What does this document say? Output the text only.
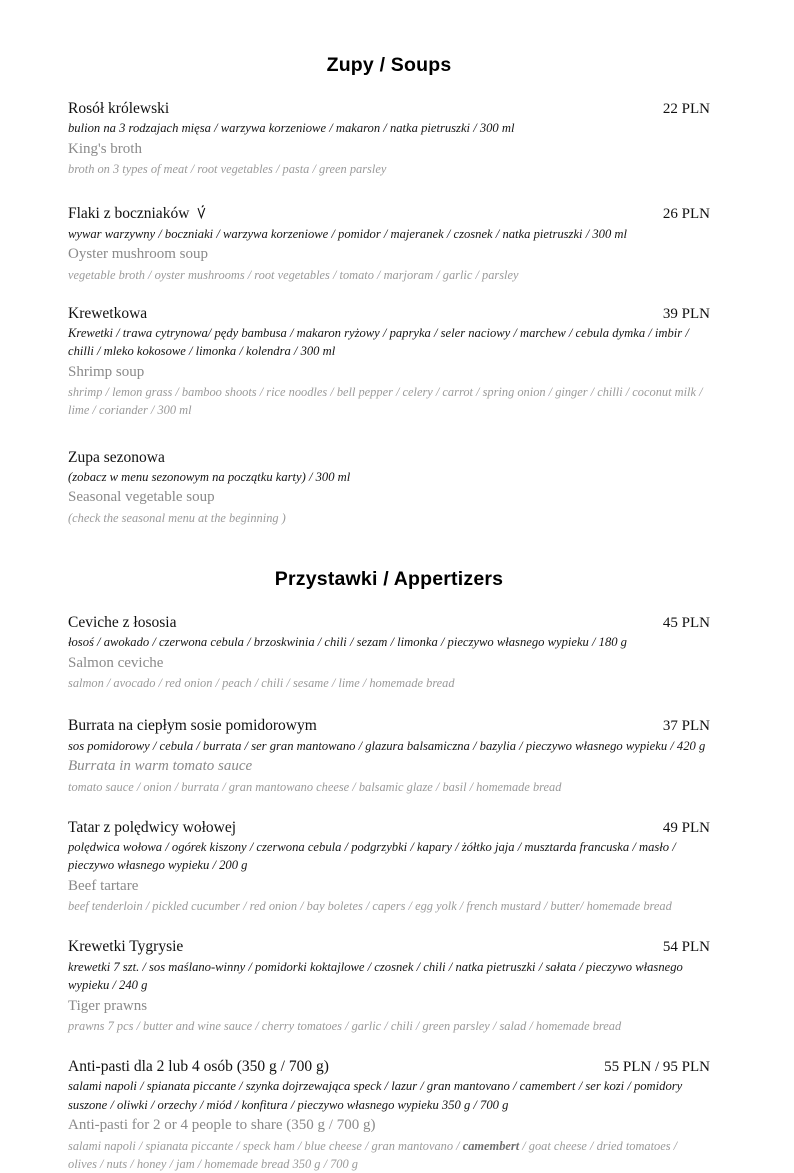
Zupy / Soups
Rosół królewski	22 PLN
bulion na 3 rodzajach mięsa / warzywa korzeniowe / makaron / natka pietruszki / 300 ml
King's broth
broth on 3 types of meat / root vegetables / pasta / green parsley
Flaki z boczniaków	26 PLN
wywar warzywny / boczniaki / warzywa korzeniowe / pomidor / majeranek / czosnek / natka pietruszki / 300 ml
Oyster mushroom soup
vegetable broth / oyster mushrooms / root vegetables / tomato / marjoram / garlic / parsley
Krewetkowa	39 PLN
Krewetki / trawa cytrynowa/ pędy bambusa / makaron ryżowy / papryka / seler naciowy / marchew / cebula dymka / imbir / chilli / mleko kokosowe / limonka / kolendra / 300 ml
Shrimp soup
shrimp / lemon grass / bamboo shoots / rice noodles / bell pepper / celery / carrot / spring onion / ginger / chilli / coconut milk / lime / coriander / 300 ml
Zupa sezonowa
(zobacz w menu sezonowym na początku karty) / 300 ml
Seasonal vegetable soup
(check the seasonal menu at the beginning )
Przystawki / Appertizers
Ceviche z łososia	45 PLN
łosoś / awokado / czerwona cebula / brzoskwinia / chili / sezam / limonka / pieczywo własnego wypieku / 180 g
Salmon ceviche
salmon / avocado / red onion / peach / chili / sesame / lime / homemade bread
Burrata na ciepłym sosie pomidorowym	37 PLN
sos pomidorowy / cebula / burrata / ser gran mantowano / glazura balsamiczna / bazylia / pieczywo własnego wypieku / 420 g
Burrata in warm tomato sauce
tomato sauce / onion / burrata / gran mantowano cheese / balsamic glaze / basil / homemade bread
Tatar z polędwicy wołowej	49 PLN
polędwica wołowa / ogórek kiszony / czerwona cebula / podgrzybki / kapary / żółtko jaja / musztarda francuska / masło / pieczywo własnego wypieku / 200 g
Beef tartare
beef tenderloin / pickled cucumber / red onion / bay boletes / capers / egg yolk / french mustard / butter/ homemade bread
Krewetki Tygrysie	54 PLN
krewetki 7 szt. / sos maślano-winny / pomidorki koktajlowe / czosnek / chili / natka pietruszki / sałata / pieczywo własnego wypieku / 240 g
Tiger prawns
prawns 7 pcs / butter and wine sauce / cherry tomatoes / garlic / chili / green parsley / salad / homemade bread
Anti-pasti dla 2 lub 4 osób (350 g / 700 g)	55 PLN / 95 PLN
salami napoli / spianata piccante / szynka dojrzewająca speck / lazur / gran mantovano / camembert / ser kozi / pomidory suszone / oliwki / orzechy / miód / konfitura / pieczywo własnego wypieku 350 g / 700 g
Anti-pasti for 2 or 4 people to share (350 g / 700 g)
salami napoli / spianata piccante / speck ham / blue cheese / gran mantovano / camembert / goat cheese / dried tomatoes / olives / nuts / honey / jam / homemade bread 350 g / 700 g
